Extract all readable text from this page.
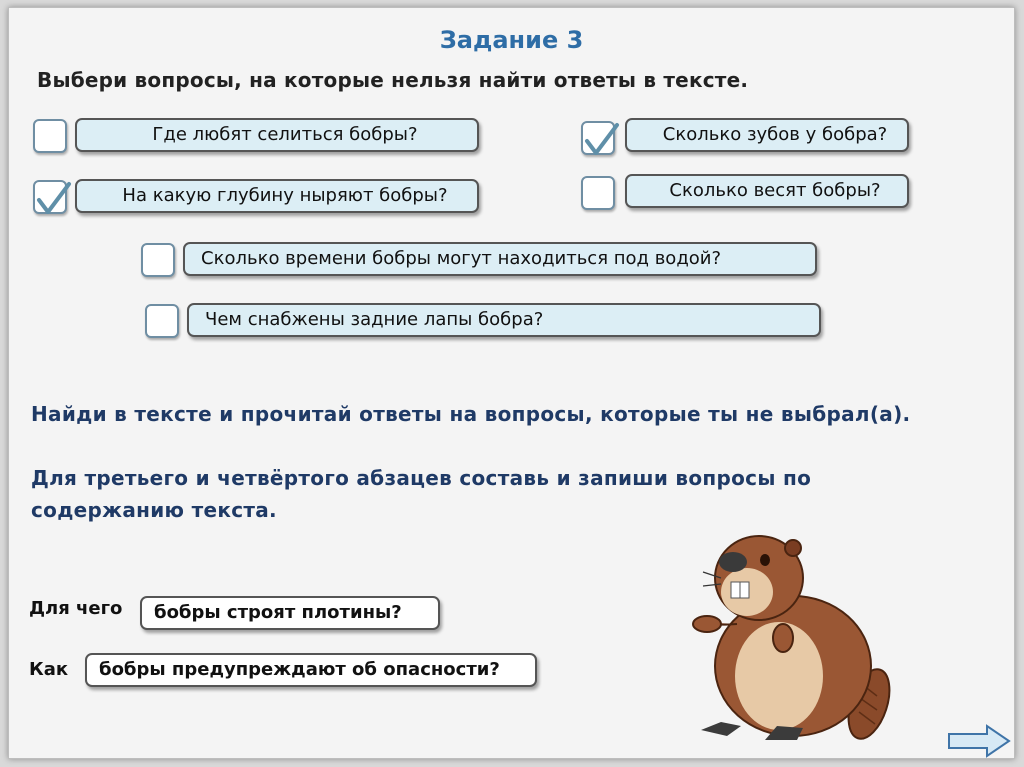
Задание 3
Выбери вопросы, на которые нельзя найти ответы в тексте.
Где любят селиться бобры?
На какую глубину ныряют бобры?
Сколько зубов у бобра?
Сколько весят бобры?
Сколько времени бобры могут находиться под водой?
Чем снабжены задние лапы бобра?
Найди в тексте и прочитай ответы на вопросы, которые ты не выбрал(а).
Для третьего и четвёртого абзацев составь и запиши вопросы по
содержанию текста.
Для чего	бобры строят плотины?
Как	бобры предупреждают об опасности?
